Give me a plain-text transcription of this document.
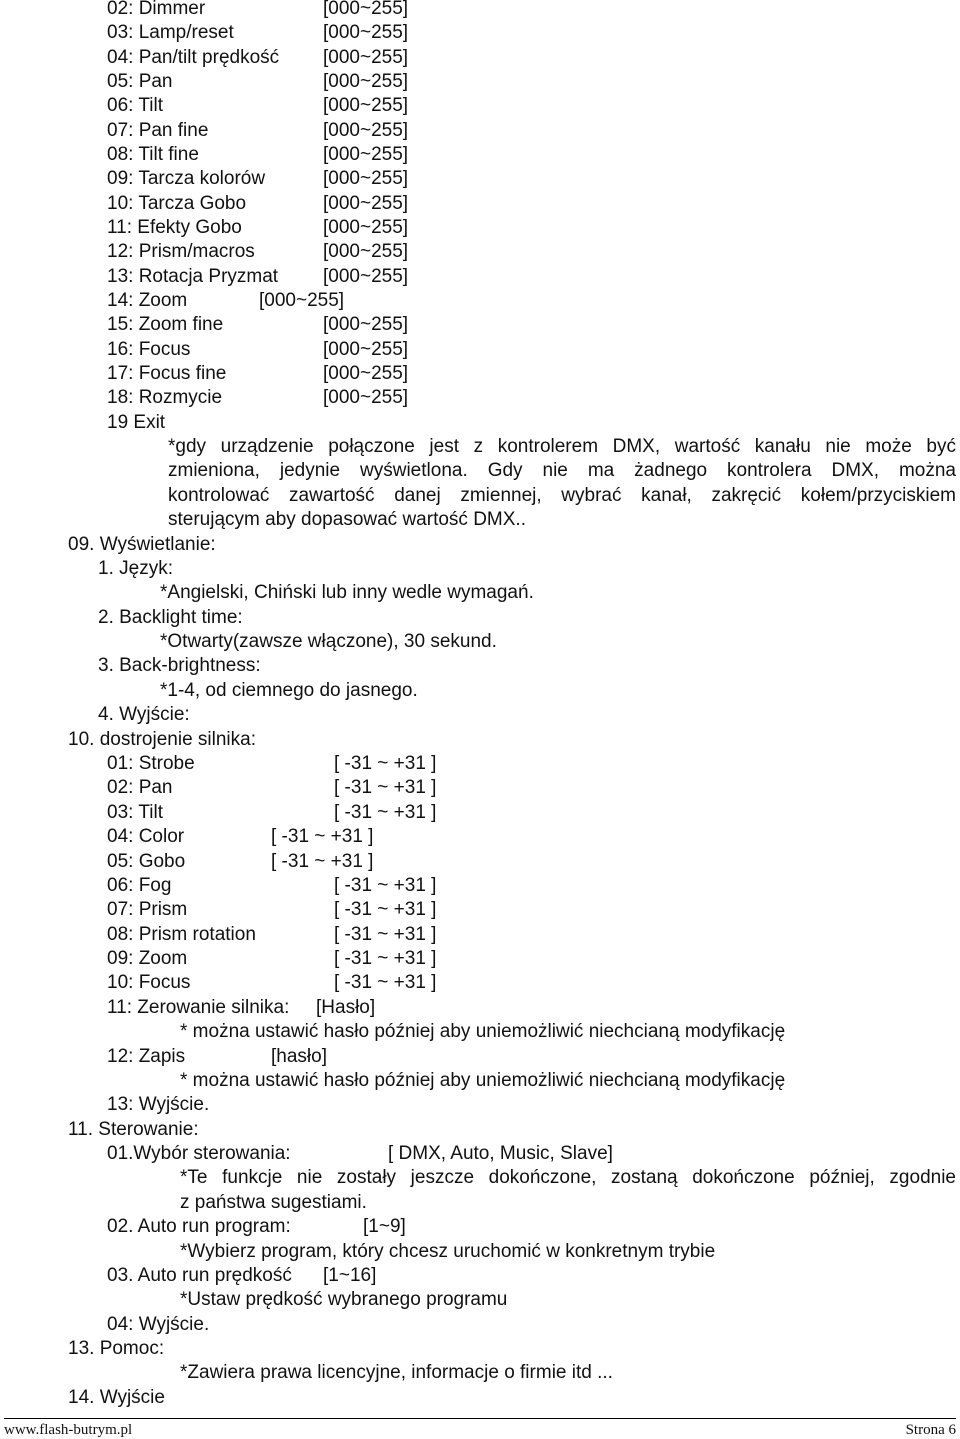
02: Dimmer	[000~255]
03: Lamp/reset	[000~255]
04: Pan/tilt prędkość [000~255]
05: Pan	[000~255]
06: Tilt	[000~255]
07: Pan fine	[000~255]
08: Tilt fine	[000~255]
09: Tarcza kolorów	[000~255]
10: Tarcza Gobo	[000~255]
11: Efekty Gobo	[000~255]
12: Prism/macros	[000~255]
13: Rotacja Pryzmat [000~255]
14: Zoom	[000~255]
15: Zoom fine	[000~255]
16: Focus	[000~255]
17: Focus fine	[000~255]
18: Rozmycie	[000~255]
19 Exit
*gdy urządzenie połączone jest z kontrolerem DMX, wartość kanału nie może być
zmieniona, jedynie wyświetlona. Gdy nie ma żadnego kontrolera DMX, można
kontrolować zawartość danej zmiennej, wybrać kanał, zakręcić kołem/przyciskiem
sterującym aby dopasować wartość DMX..
09. Wyświetlanie:
1. Język:
*Angielski, Chiński lub inny wedle wymagań.
2. Backlight time:
*Otwarty(zawsze włączone), 30 sekund.
3. Back-brightness:
*1-4, od ciemnego do jasnego.
4. Wyjście:
10. dostrojenie silnika:
01: Strobe	[ -31 ~ +31 ]
02: Pan	[ -31 ~ +31 ]
03: Tilt	[ -31 ~ +31 ]
04: Color	[ -31 ~ +31 ]
05: Gobo	[ -31 ~ +31 ]
06: Fog	[ -31 ~ +31 ]
07: Prism	[ -31 ~ +31 ]
08: Prism rotation	[ -31 ~ +31 ]
09: Zoom	[ -31 ~ +31 ]
10: Focus	[ -31 ~ +31 ]
11: Zerowanie silnika: [Hasło]
* można ustawić hasło później aby uniemożliwić niechcianą modyfikację
12: Zapis	[hasło]
* można ustawić hasło później aby uniemożliwić niechcianą modyfikację
13: Wyjście.
11. Sterowanie:
01.Wybór sterowania:	[ DMX, Auto, Music, Slave]
*Te funkcje nie zostały jeszcze dokończone, zostaną dokończone później, zgodnie
z państwa sugestiami.
02. Auto run program:	[1~9]
*Wybierz program, który chcesz uruchomić w konkretnym trybie
03. Auto run prędkość [1~16]
*Ustaw prędkość wybranego programu
04: Wyjście.
13. Pomoc:
*Zawiera prawa licencyjne, informacje o firmie itd ...
14. Wyjście
www.flash-butrym.pl	Strona 6
